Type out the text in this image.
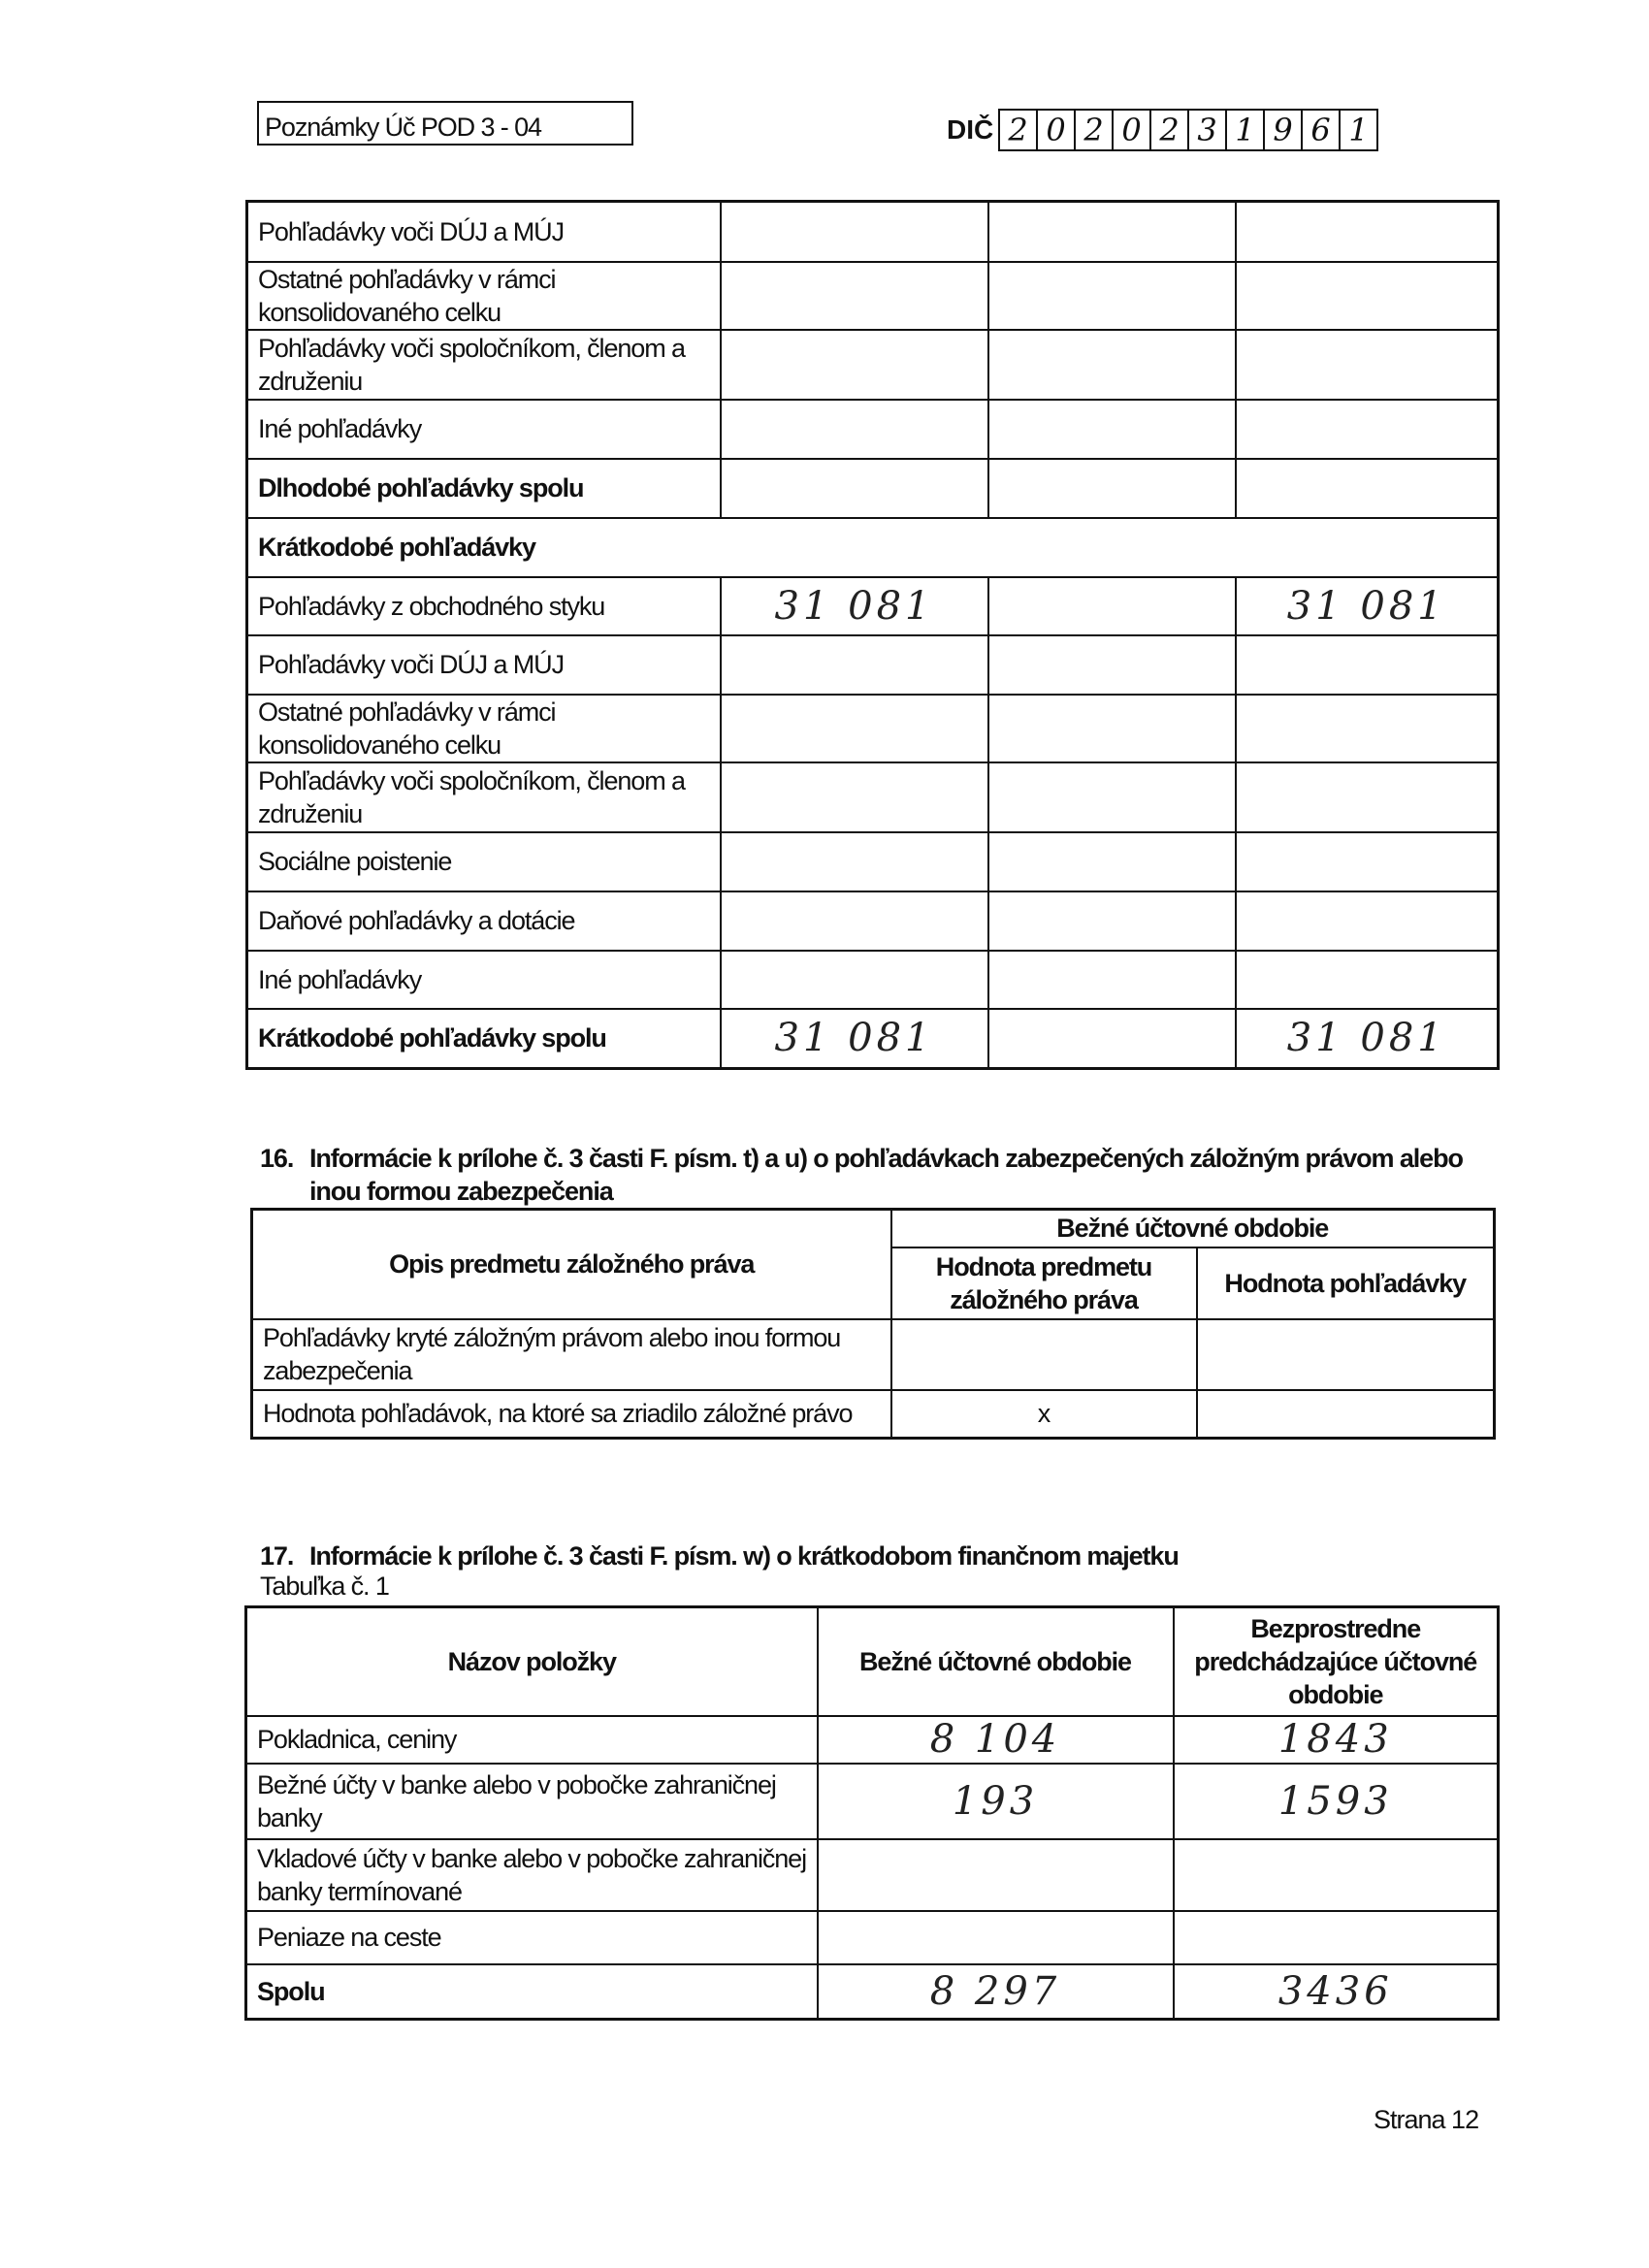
Poznámky Úč POD 3 - 04	DIČ 2 0 2 0 2 3 1 9 6 1
Pohľadávky voči DÚJ a MÚJ			
Ostatné pohľadávky v rámci konsolidovaného celku			
Pohľadávky voči spoločníkom, členom a združeniu			
Iné pohľadávky			
Dlhodobé pohľadávky spolu			
Krátkodobé pohľadávky			
Pohľadávky z obchodného styku	31 081		31 081
Pohľadávky voči DÚJ a MÚJ			
Ostatné pohľadávky v rámci konsolidovaného celku			
Pohľadávky voči spoločníkom, členom a združeniu			
Sociálne poistenie			
Daňové pohľadávky a dotácie			
Iné pohľadávky			
Krátkodobé pohľadávky spolu	31 081		31 081
16. Informácie k prílohe č. 3 časti F. písm. t) a u) o pohľadávkach zabezpečených záložným právom alebo inou formou zabezpečenia
Opis predmetu záložného práva	Bežné účtovné obdobie	
	Hodnota predmetu záložného práva	Hodnota pohľadávky
Pohľadávky kryté záložným právom alebo inou formou zabezpečenia		
Hodnota pohľadávok, na ktoré sa zriadilo záložné právo	x	
17. Informácie k prílohe č. 3 časti F. písm. w) o krátkodobom finančnom majetku
Tabuľka č. 1
Názov položky	Bežné účtovné obdobie	Bezprostredne predchádzajúce účtovné obdobie
Pokladnica, ceniny	8 104	1843
Bežné účty v banke alebo v pobočke zahraničnej banky	193	1593
Vkladové účty v banke alebo v pobočke zahraničnej banky termínované		
Peniaze na ceste		
Spolu	8 297	3436
Strana 12
